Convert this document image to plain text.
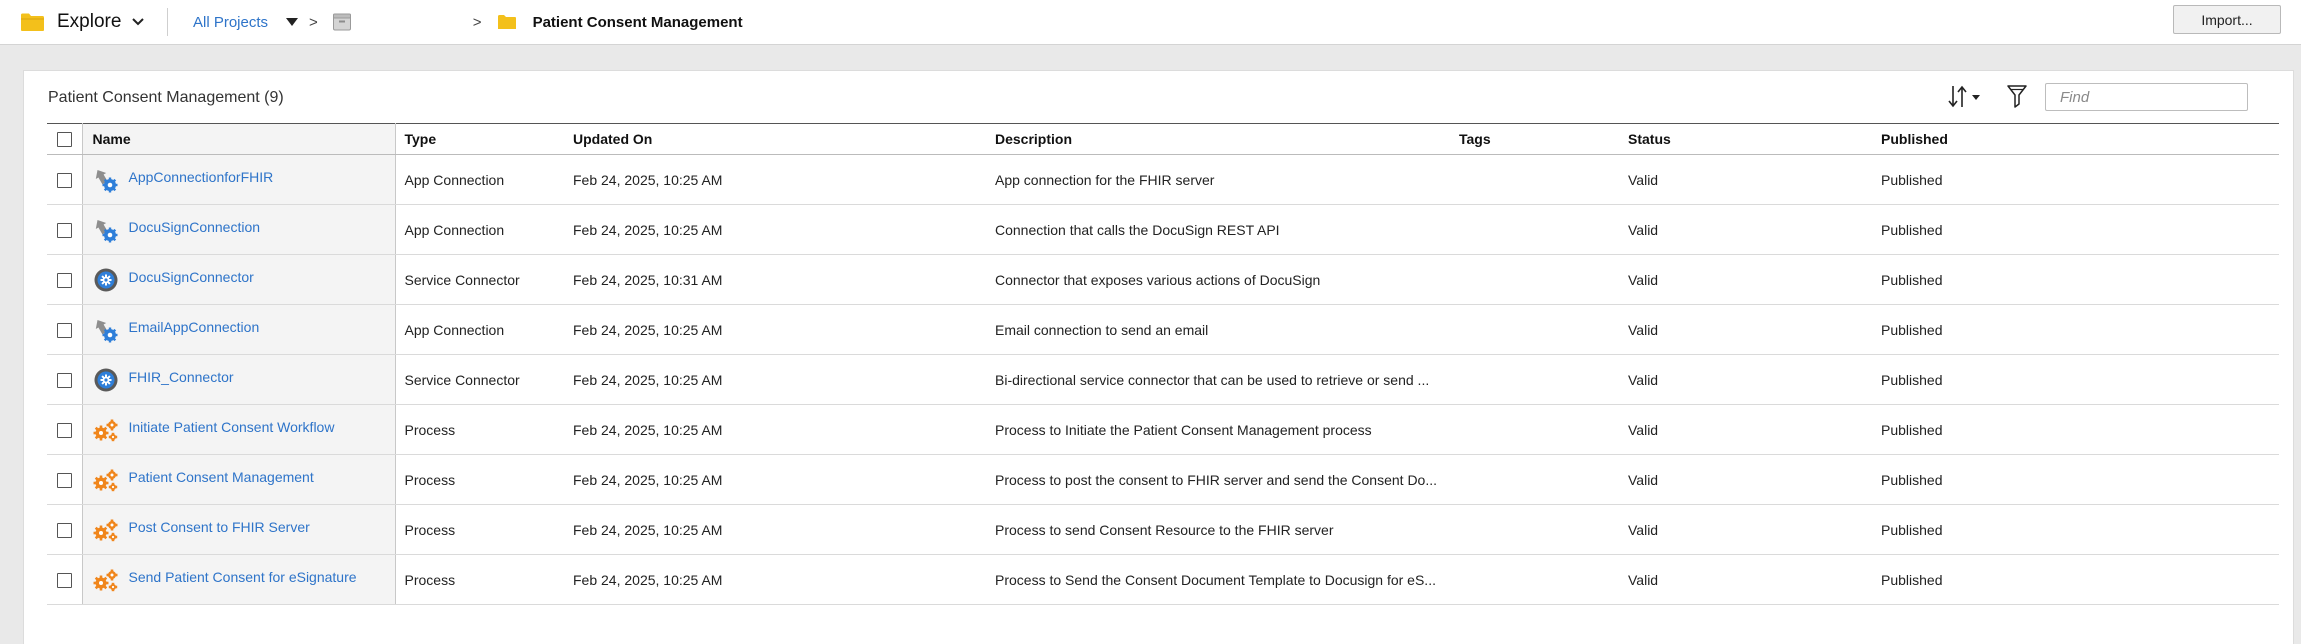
Explore	All Projects	>	>	Patient Consent Management	Import...
Patient Consent Management (9)
Find
	Name	Type	Updated On	Description	Tags	Status	Published

	AppConnectionforFHIR	App Connection	Feb 24, 2025, 10:25 AM	App connection for the FHIR server		Valid	Published

	DocuSignConnection	App Connection	Feb 24, 2025, 10:25 AM	Connection that calls the DocuSign REST API		Valid	Published

	DocuSignConnector	Service Connector	Feb 24, 2025, 10:31 AM	Connector that exposes various actions of DocuSign		Valid	Published

	EmailAppConnection	App Connection	Feb 24, 2025, 10:25 AM	Email connection to send an email		Valid	Published

	FHIR_Connector	Service Connector	Feb 24, 2025, 10:25 AM	Bi-directional service connector that can be used to retrieve or send ...		Valid	Published

	Initiate Patient Consent Workflow	Process	Feb 24, 2025, 10:25 AM	Process to Initiate the Patient Consent Management process		Valid	Published

	Patient Consent Management	Process	Feb 24, 2025, 10:25 AM	Process to post the consent to FHIR server and send the Consent Do...		Valid	Published

	Post Consent to FHIR Server	Process	Feb 24, 2025, 10:25 AM	Process to send Consent Resource to the FHIR server		Valid	Published

	Send Patient Consent for eSignature	Process	Feb 24, 2025, 10:25 AM	Process to Send the Consent Document Template to Docusign for eS...		Valid	Published
